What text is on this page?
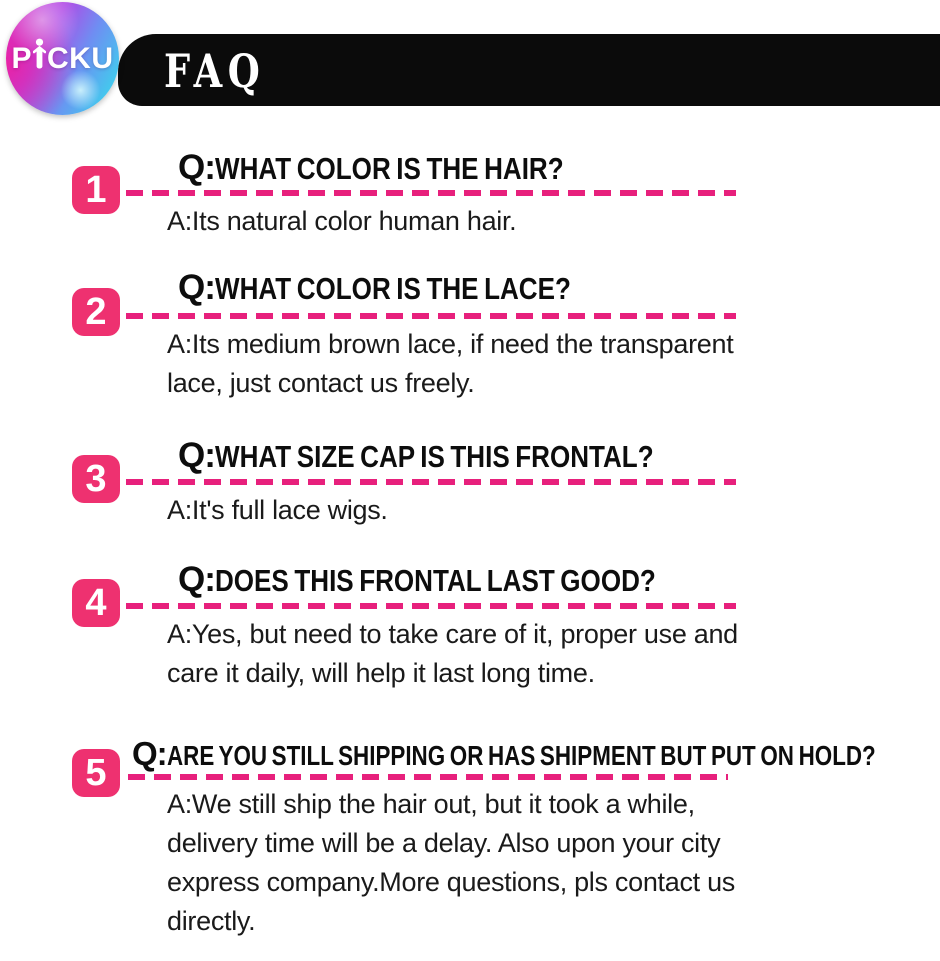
FAQ
P CKU
Q: WHAT COLOR IS THE HAIR?
1
A:Its natural color human hair.
Q: WHAT COLOR IS THE LACE?
2
A:Its medium brown lace, if need the transparent
lace, just contact us freely.
Q: WHAT SIZE CAP IS THIS FRONTAL?
3
A:It's full lace wigs.
Q: DOES THIS FRONTAL LAST GOOD?
4
A:Yes, but need to take care of it, proper use and
care it daily, will help it last long time.
Q: ARE YOU STILL SHIPPING OR HAS SHIPMENT BUT PUT ON HOLD?
5
A:We still ship the hair out, but it took a while,
delivery time will be a delay. Also upon your city
express company.More questions, pls contact us
directly.
